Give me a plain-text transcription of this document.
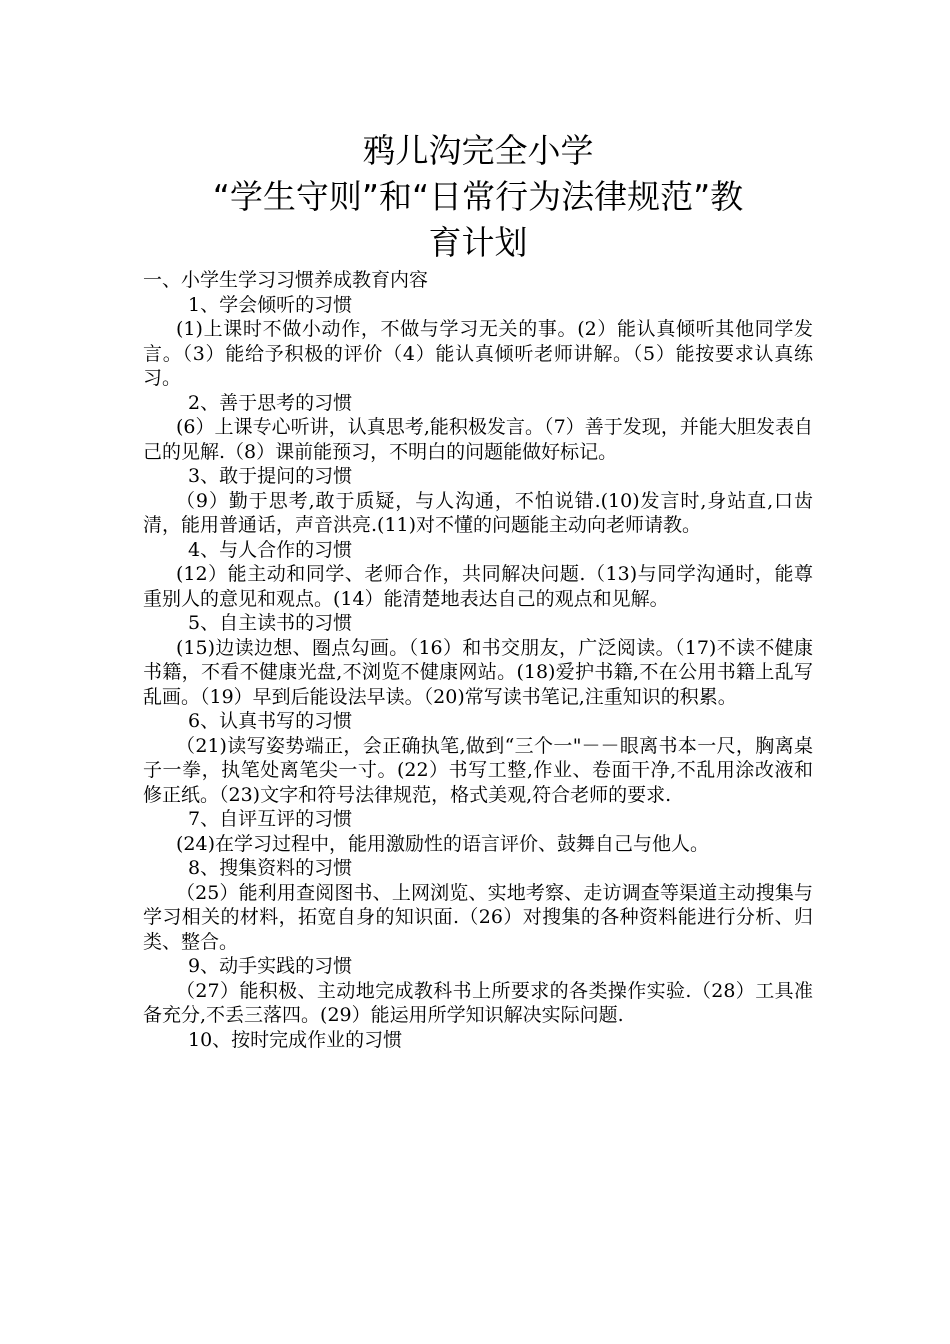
鸦儿沟完全小学
“学生守则”和“日常行为法律规范”教
育计划
一、小学生学习习惯养成教育内容
1、学会倾听的习惯
(1)上课时不做小动作，不做与学习无关的事。(2）能认真倾听其他同学发言。（3）能给予积极的评价（4）能认真倾听老师讲解。（5）能按要求认真练习。
2、善于思考的习惯
(6）上课专心听讲，认真思考,能积极发言。（7）善于发现，并能大胆发表自己的见解.（8）课前能预习，不明白的问题能做好标记。
3、敢于提问的习惯
（9）勤于思考,敢于质疑，与人沟通，不怕说错.(10)发言时,身站直,口齿清，能用普通话，声音洪亮.(11)对不懂的问题能主动向老师请教。
4、与人合作的习惯
(12）能主动和同学、老师合作，共同解决问题.（13)与同学沟通时，能尊重别人的意见和观点。(14）能清楚地表达自己的观点和见解。
5、自主读书的习惯
(15)边读边想、圈点勾画。（16）和书交朋友，广泛阅读。（17)不读不健康书籍，不看不健康光盘,不浏览不健康网站。(18)爱护书籍,不在公用书籍上乱写乱画。（19）早到后能设法早读。（20)常写读书笔记,注重知识的积累。
6、认真书写的习惯
（21)读写姿势端正，会正确执笔,做到“三个一"－－眼离书本一尺，胸离桌子一拳，执笔处离笔尖一寸。(22）书写工整,作业、卷面干净,不乱用涂改液和修正纸。（23)文字和符号法律规范，格式美观,符合老师的要求.
7、自评互评的习惯
(24)在学习过程中，能用激励性的语言评价、鼓舞自己与他人。
8、搜集资料的习惯
（25）能利用查阅图书、上网浏览、实地考察、走访调查等渠道主动搜集与学习相关的材料，拓宽自身的知识面.（26）对搜集的各种资料能进行分析、归类、整合。
9、动手实践的习惯
（27）能积极、主动地完成教科书上所要求的各类操作实验.（28）工具准备充分,不丢三落四。(29）能运用所学知识解决实际问题.
10、按时完成作业的习惯
